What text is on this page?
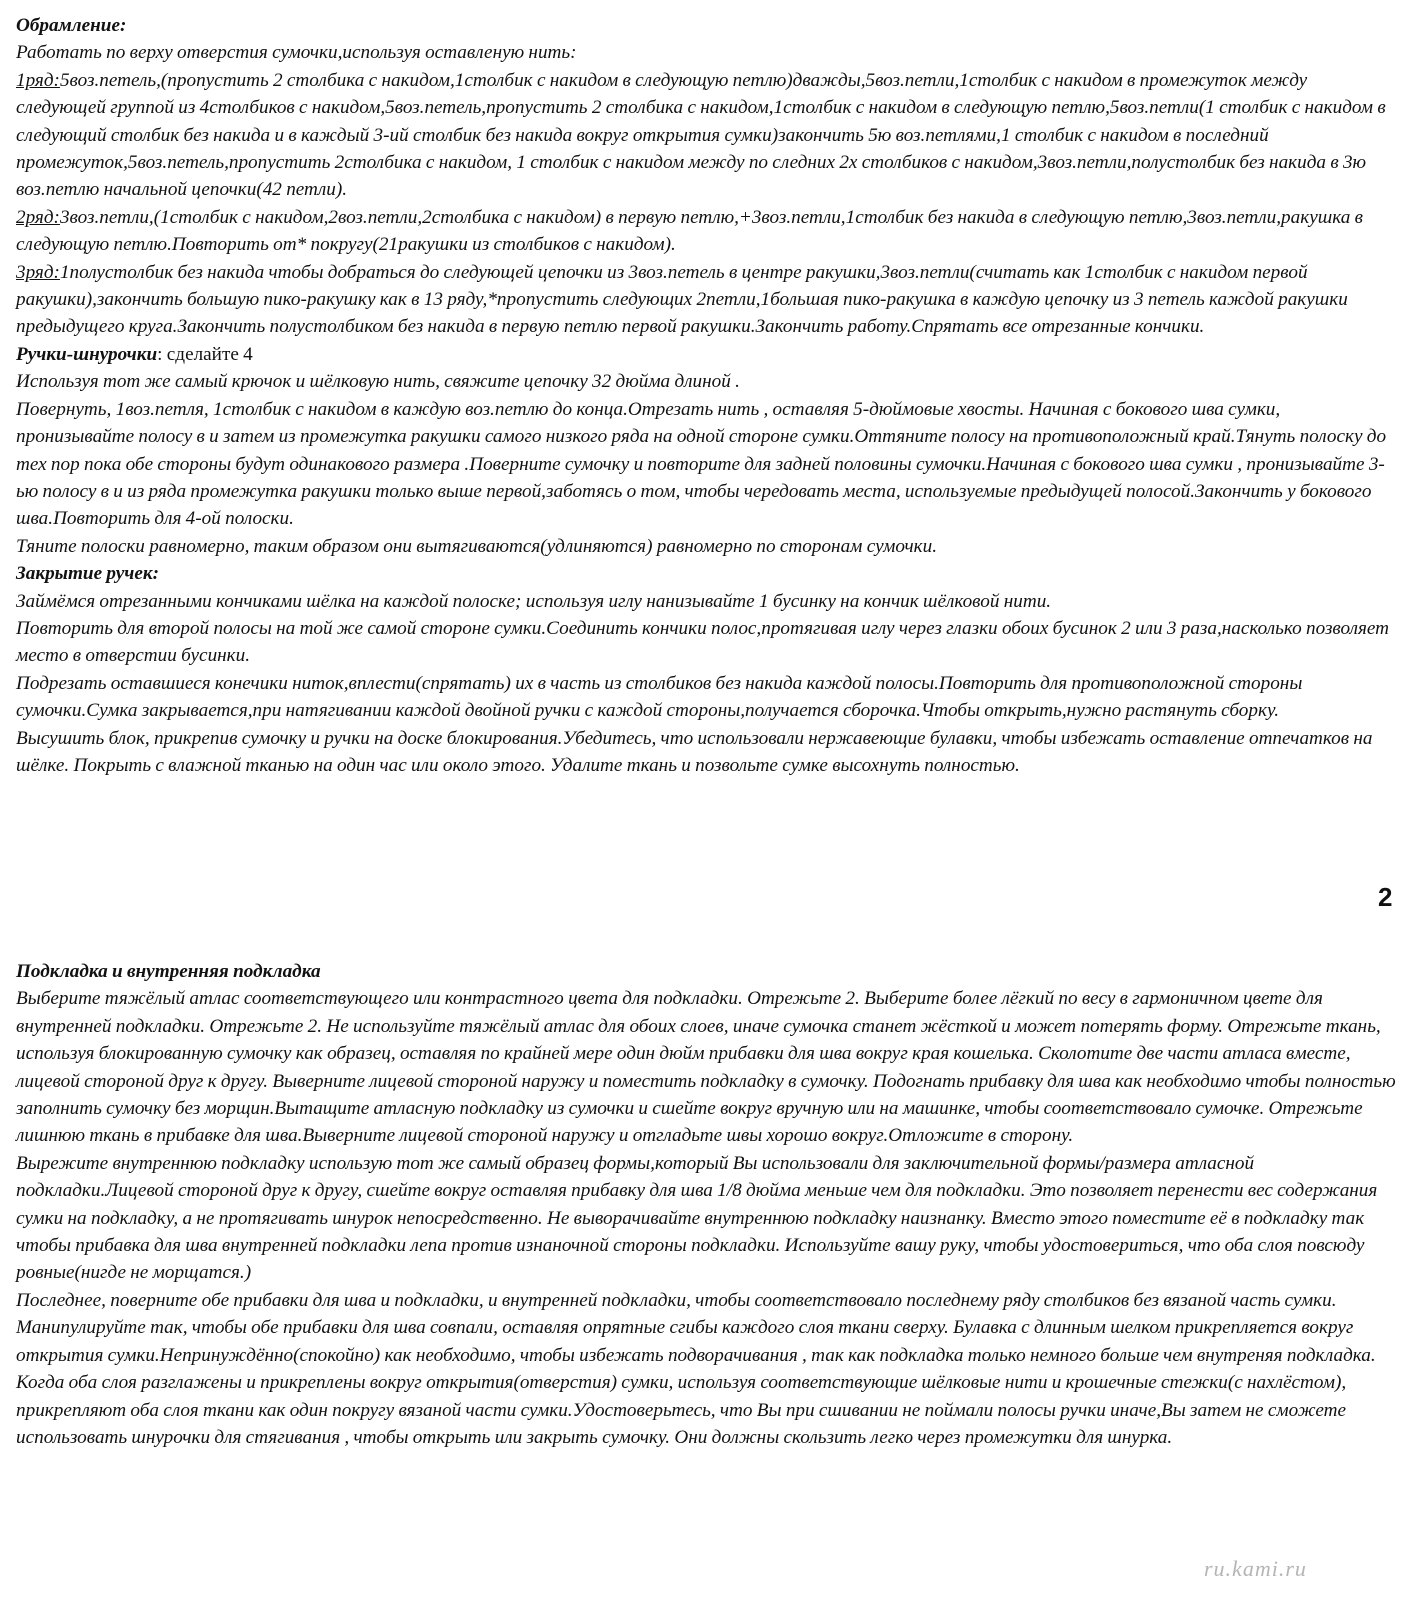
Обрамление:

Работать по верху отверстия сумочки,используя оставленую нить:

1ряд:5воз.петель,(пропустить 2 столбика с накидом,1столбик с накидом в следующую петлю)дважды,5воз.петли,1столбик с накидом в промежуток между следующей группой из 4столбиков с накидом,5воз.петель,пропустить 2 столбика с накидом,1столбик с накидом в следующую петлю,5воз.петли(1 столбик с накидом в следующий столбик без накида и в каждый 3-ий столбик без накида вокруг открытия сумки)закончить 5ю воз.петлями,1 столбик с накидом в последний промежуток,5воз.петель,пропустить 2столбика с накидом, 1 столбик с накидом между по следних 2х столбиков с накидом,3воз.петли,полустолбик без накида в 3ю воз.петлю начальной цепочки(42 петли).

2ряд:3воз.петли,(1столбик с накидом,2воз.петли,2столбика с накидом) в первую петлю,+3воз.петли,1столбик без накида в следующую петлю,3воз.петли,ракушка в следующую петлю.Повторить от* покругу(21ракушки из столбиков с накидом).

3ряд:1полустолбик без накида чтобы добраться до следующей цепочки из 3воз.петель в центре ракушки,3воз.петли(считать как 1столбик с накидом первой ракушки),закончить большую пико-ракушку как в 13 ряду,*пропустить следующих 2петли,1большая пико-ракушка в каждую цепочку из 3 петель каждой ракушки предыдущего круга.Закончить полустолбиком без накида в первую петлю первой ракушки.Закончить работу.Спрятать все отрезанные кончики.

Ручки-шнурочки: сделайте 4

Используя тот же самый крючок и шёлковую нить, свяжите цепочку 32 дюйма длиной .

Повернуть, 1воз.петля, 1столбик с накидом в каждую воз.петлю до конца.Отрезать нить , оставляя 5-дюймовые хвосты. Начиная с бокового шва сумки, пронизывайте полосу в и затем из промежутка ракушки самого низкого ряда на одной стороне сумки.Оттяните полосу на противоположный край.Тянуть полоску до тех пор пока обе стороны будут одинакового размера .Поверните сумочку и повторите для задней половины сумочки.Начиная с бокового шва сумки , пронизывайте 3-ью полосу в и из ряда промежутка ракушки только выше первой,заботясь о том, чтобы чередовать места, используемые предыдущей полосой.Закончить у бокового шва.Повторить для 4-ой полоски.

Тяните полоски равномерно, таким образом они вытягиваются(удлиняются) равномерно по сторонам сумочки.

Закрытие ручек:

Займёмся отрезанными кончиками шёлка на каждой полоске; используя иглу нанизывайте 1 бусинку на кончик шёлковой нити.

Повторить для второй полосы на той же самой стороне сумки.Соединить кончики полос,протягивая иглу через глазки обоих бусинок 2 или 3 раза,насколько позволяет место в отверстии бусинки.

Подрезать оставшиеся конечики ниток,вплести(спрятать) их в часть из столбиков без накида каждой полосы.Повторить для противоположной стороны сумочки.Сумка закрывается,при натягивании каждой двойной ручки с каждой стороны,получается сборочка.Чтобы открыть,нужно растянуть сборку.

Высушить блок, прикрепив сумочку и ручки на доске блокирования.Убедитесь, что использовали нержавеющие булавки, чтобы избежать оставление отпечатков на шёлке. Покрыть с влажной тканью на один час или около этого. Удалите ткань и позвольте сумке высохнуть полностью.

2

Подкладка и внутренняя подкладка

Выберите тяжёлый атлас соответствующего или контрастного цвета для подкладки. Отрежьте 2. Выберите более лёгкий по весу в гармоничном цвете для внутренней подкладки. Отрежьте 2. Не используйте тяжёлый атлас для обоих слоев, иначе сумочка станет жёсткой и может потерять форму. Отрежьте ткань, используя блокированную сумочку как образец, оставляя по крайней мере один дюйм прибавки для шва вокруг края кошелька. Сколотите две части атласа вместе, лицевой стороной друг к другу. Выверните лицевой стороной наружу и поместить подкладку в сумочку. Подогнать прибавку для шва как необходимо чтобы полностью заполнить сумочку без морщин.Вытащите атласную подкладку из сумочки и сшейте вокруг вручную или на машинке, чтобы соответствовало сумочке. Отрежьте лишнюю ткань в прибавке для шва.Выверните лицевой стороной наружу и отгладьте швы хорошо вокруг.Отложите в сторону.

Вырежите внутреннюю подкладку использую тот же самый образец формы,который Вы использовали для заключительной формы/размера атласной подкладки.Лицевой стороной друг к другу, сшейте вокруг оставляя прибавку для шва 1/8 дюйма меньше чем для подкладки. Это позволяет перенести вес содержания сумки на подкладку, а не протягивать шнурок непосредственно. Не выворачивайте внутреннюю подкладку наизнанку. Вместо этого поместите её в подкладку так чтобы прибавка для шва внутренней подкладки лепа против изнаночной стороны подкладки. Используйте вашу руку, чтобы удостовериться, что оба слоя повсюду ровные(нигде не морщатся.)

Последнее, поверните обе прибавки для шва и подкладки, и внутренней подкладки, чтобы соответствовало последнему ряду столбиков без вязаной часть сумки. Манипулируйте так, чтобы обе прибавки для шва совпали, оставляя опрятные сгибы каждого слоя ткани сверху. Булавка с длинным шелком прикрепляется вокруг открытия сумки.Непринуждённо(спокойно) как необходимо, чтобы избежать подворачивания , так как подкладка только немного больше чем внутреняя подкладка. Когда оба слоя разглажены и прикреплены вокруг открытия(отверстия) сумки, используя соответствующие шёлковые нити и крошечные стежки(с нахлёстом), прикрепляют оба слоя ткани как один покругу вязаной части сумки.Удостоверьтесь, что Вы при сшивании не поймали полосы ручки иначе,Вы затем не сможете использовать шнурочки для стягивания , чтобы открыть или закрыть сумочку. Они должны скользить легко через промежутки для шнурка.

ru.kami.ru
